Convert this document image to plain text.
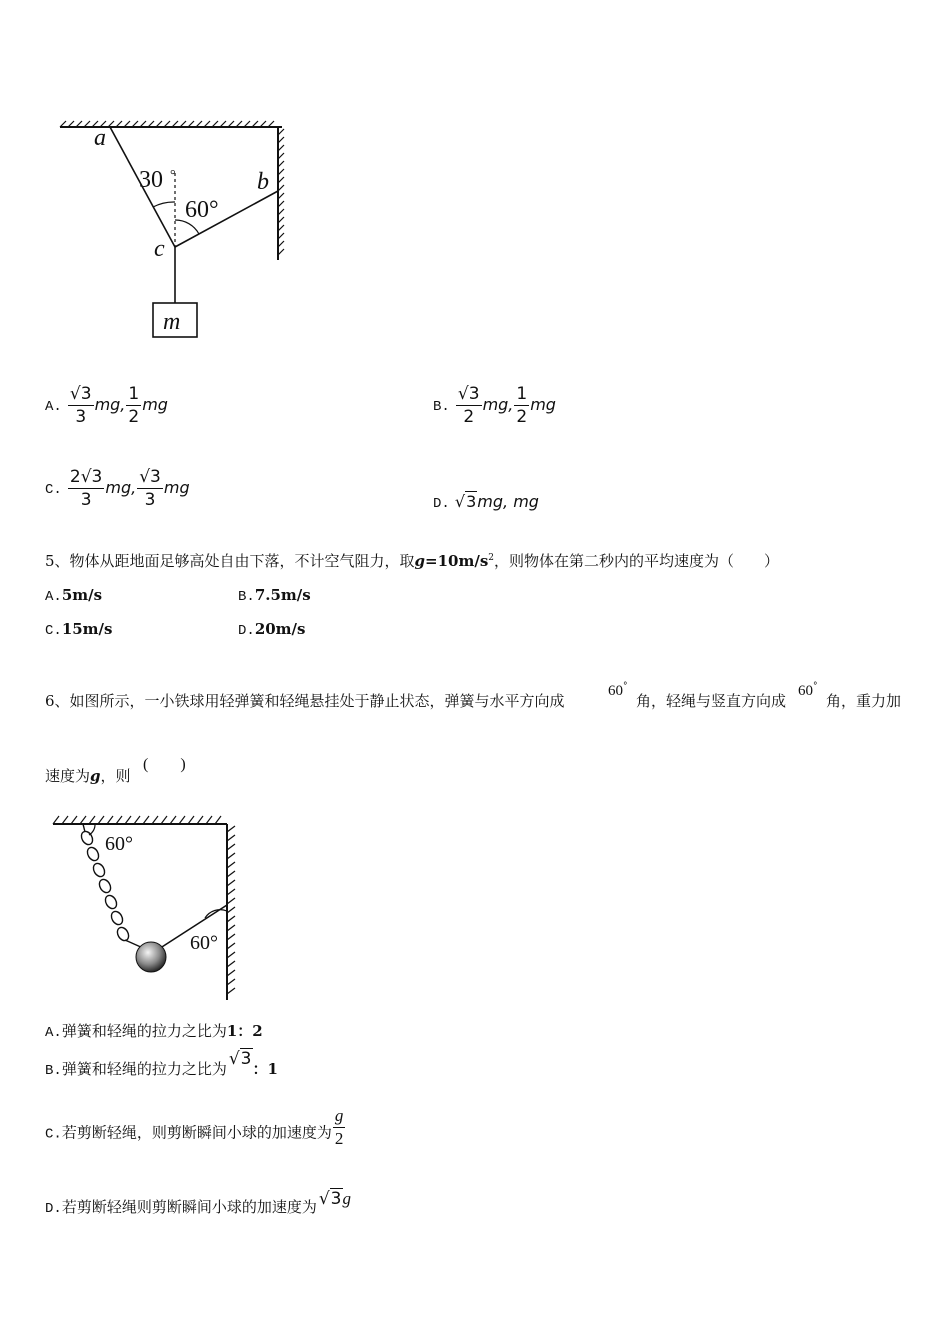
a
b
c
m
30 °
60°
A. $\frac{√3}{3}$ mg, $\frac{1}{2}$ mg	B. $\frac{√3}{2}$ mg, $\frac{1}{2}$ mg
C. $\frac{2√3}{3}$ mg, $\frac{√3}{3}$ mg
D. √3mg, mg
5、物体从距地面足够高处自由下落，不计空气阻力，取$g=10m/s^2$，则物体在第二秒内的平均速度为（　　）
A.5m/s	B.7.5m/s
C.15m/s	D.20m/s
6、如图所示，一小铁球用轻弹簧和轻绳悬挂处于静止状态，弹簧与水平方向成
60°
角，轻绳与竖直方向成
60°
角，重力加
速度为g，则
(　　)
60°
60°
A.弹簧和轻绳的拉力之比为1：2
B.弹簧和轻绳的拉力之比为 √3：1
C.若剪断轻绳，则剪断瞬间小球的加速度为 $\frac{g}{2}$
D.若剪断轻绳则剪断瞬间小球的加速度为 √3g
